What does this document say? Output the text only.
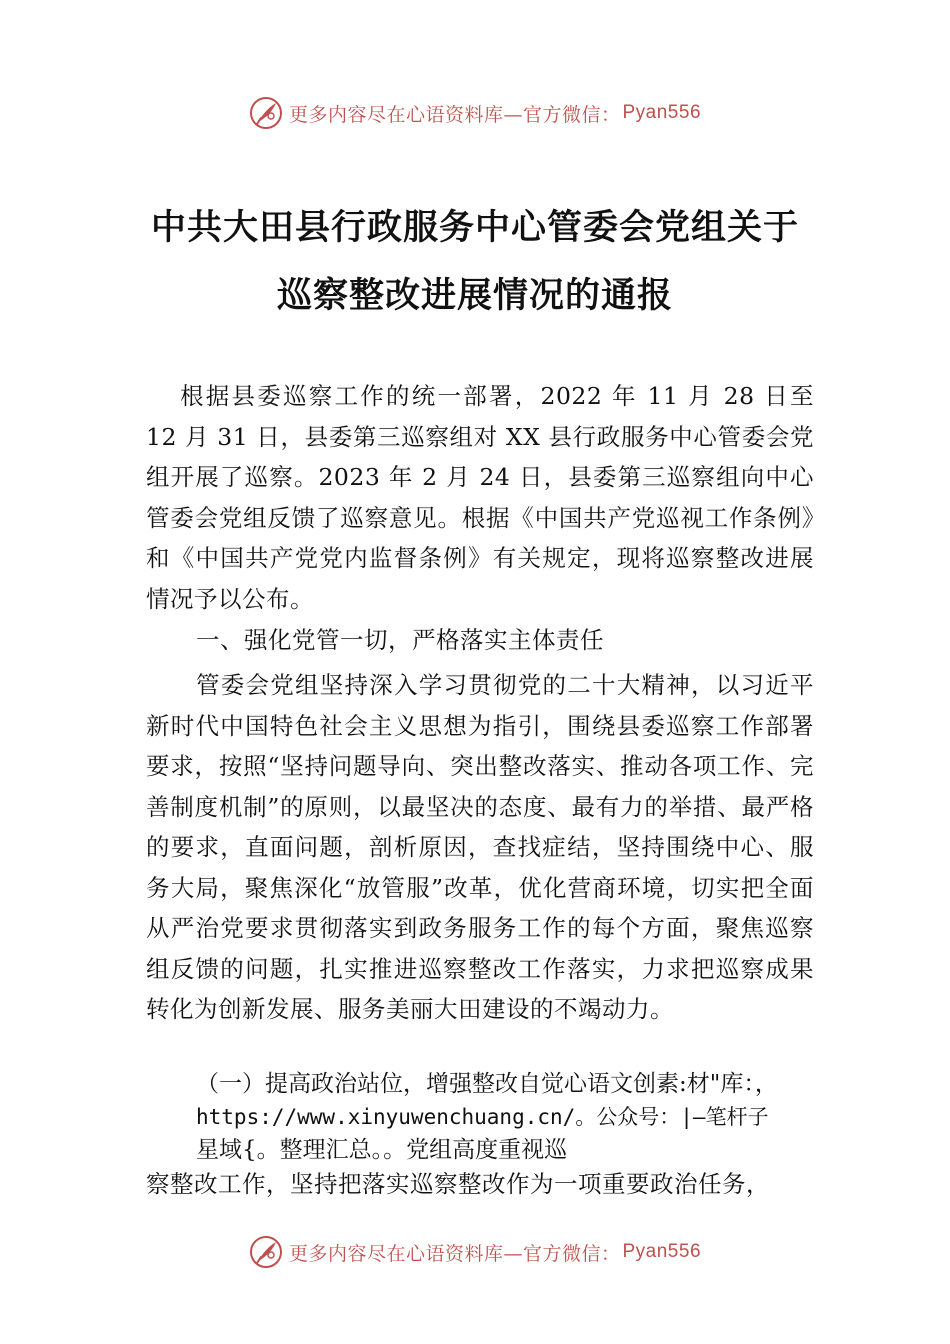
更多内容尽在心语资料库—官方微信： Pyan556
中共大田县行政服务中心管委会党组关于
巡察整改进展情况的通报
根据县委巡察工作的统一部署，2022 年 11 月 28 日至 12 月 31 日，县委第三巡察组对 XX 县行政服务中心管委会党组开展了巡察。2023 年 2 月 24 日，县委第三巡察组向中心管委会党组反馈了巡察意见。根据《中国共产党巡视工作条例》和《中国共产党党内监督条例》有关规定，现将巡察整改进展情况予以公布。
一、强化党管一切，严格落实主体责任
管委会党组坚持深入学习贯彻党的二十大精神，以习近平新时代中国特色社会主义思想为指引，围绕县委巡察工作部署要求，按照“坚持问题导向、突出整改落实、推动各项工作、完善制度机制”的原则，以最坚决的态度、最有力的举措、最严格的要求，直面问题，剖析原因，查找症结，坚持围绕中心、服务大局，聚焦深化“放管服”改革，优化营商环境，切实把全面从严治党要求贯彻落实到政务服务工作的每个方面，聚焦巡察组反馈的问题，扎实推进巡察整改工作落实，力求把巡察成果转化为创新发展、服务美丽大田建设的不竭动力。
（一）提高政治站位，增强整改自觉心语文创素:材"库：，
https://www.xinyuwenchuang.cn/。公众号：|—笔杆子
星域{。整理汇总。。党组高度重视巡
察整改工作，坚持把落实巡察整改作为一项重要政治任务，
更多内容尽在心语资料库—官方微信： Pyan556
